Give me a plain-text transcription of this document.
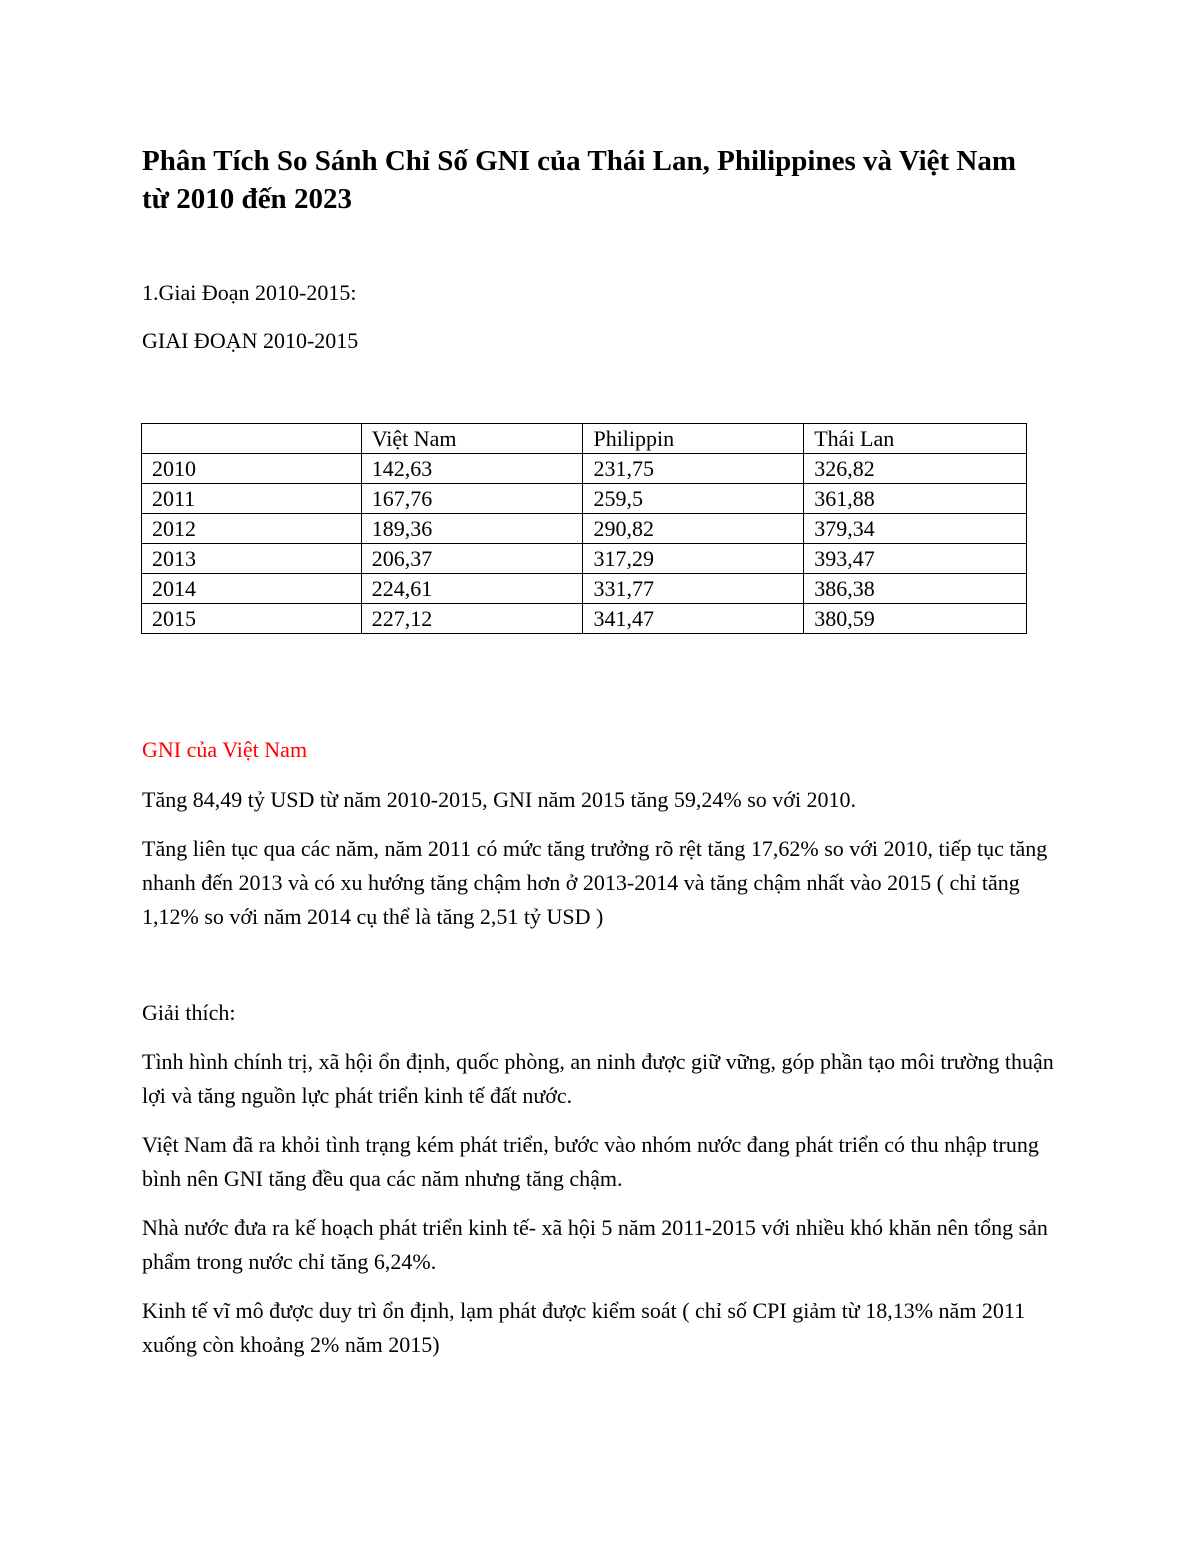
Phân Tích So Sánh Chỉ Số GNI của Thái Lan, Philippines và Việt Nam từ 2010 đến 2023

1.Giai Đoạn 2010-2015:

GIAI ĐOẠN 2010-2015

	Việt Nam	Philippin	Thái Lan
2010	142,63	231,75	326,82
2011	167,76	259,5	361,88
2012	189,36	290,82	379,34
2013	206,37	317,29	393,47
2014	224,61	331,77	386,38
2015	227,12	341,47	380,59

GNI của Việt Nam

Tăng 84,49 tỷ USD từ năm 2010-2015, GNI năm 2015 tăng 59,24% so với 2010.

Tăng liên tục qua các năm, năm 2011 có mức tăng trưởng rõ rệt tăng 17,62% so với 2010, tiếp tục tăng nhanh đến 2013 và có xu hướng tăng chậm hơn ở 2013-2014 và tăng chậm nhất vào 2015 ( chỉ tăng 1,12% so với năm 2014 cụ thể là tăng 2,51 tỷ USD )

Giải thích:

Tình hình chính trị, xã hội ổn định, quốc phòng, an ninh được giữ vững, góp phần tạo môi trường thuận lợi và tăng nguồn lực phát triển kinh tế đất nước.

Việt Nam đã ra khỏi tình trạng kém phát triển, bước vào nhóm nước đang phát triển có thu nhập trung bình nên GNI tăng đều qua các năm nhưng tăng chậm.

Nhà nước đưa ra kế hoạch phát triển kinh tế- xã hội 5 năm 2011-2015 với nhiều khó khăn nên tổng sản phẩm trong nước chỉ tăng 6,24%.

Kinh tế vĩ mô được duy trì ổn định, lạm phát được kiểm soát ( chỉ số CPI giảm từ 18,13% năm 2011 xuống còn khoảng 2% năm 2015)
